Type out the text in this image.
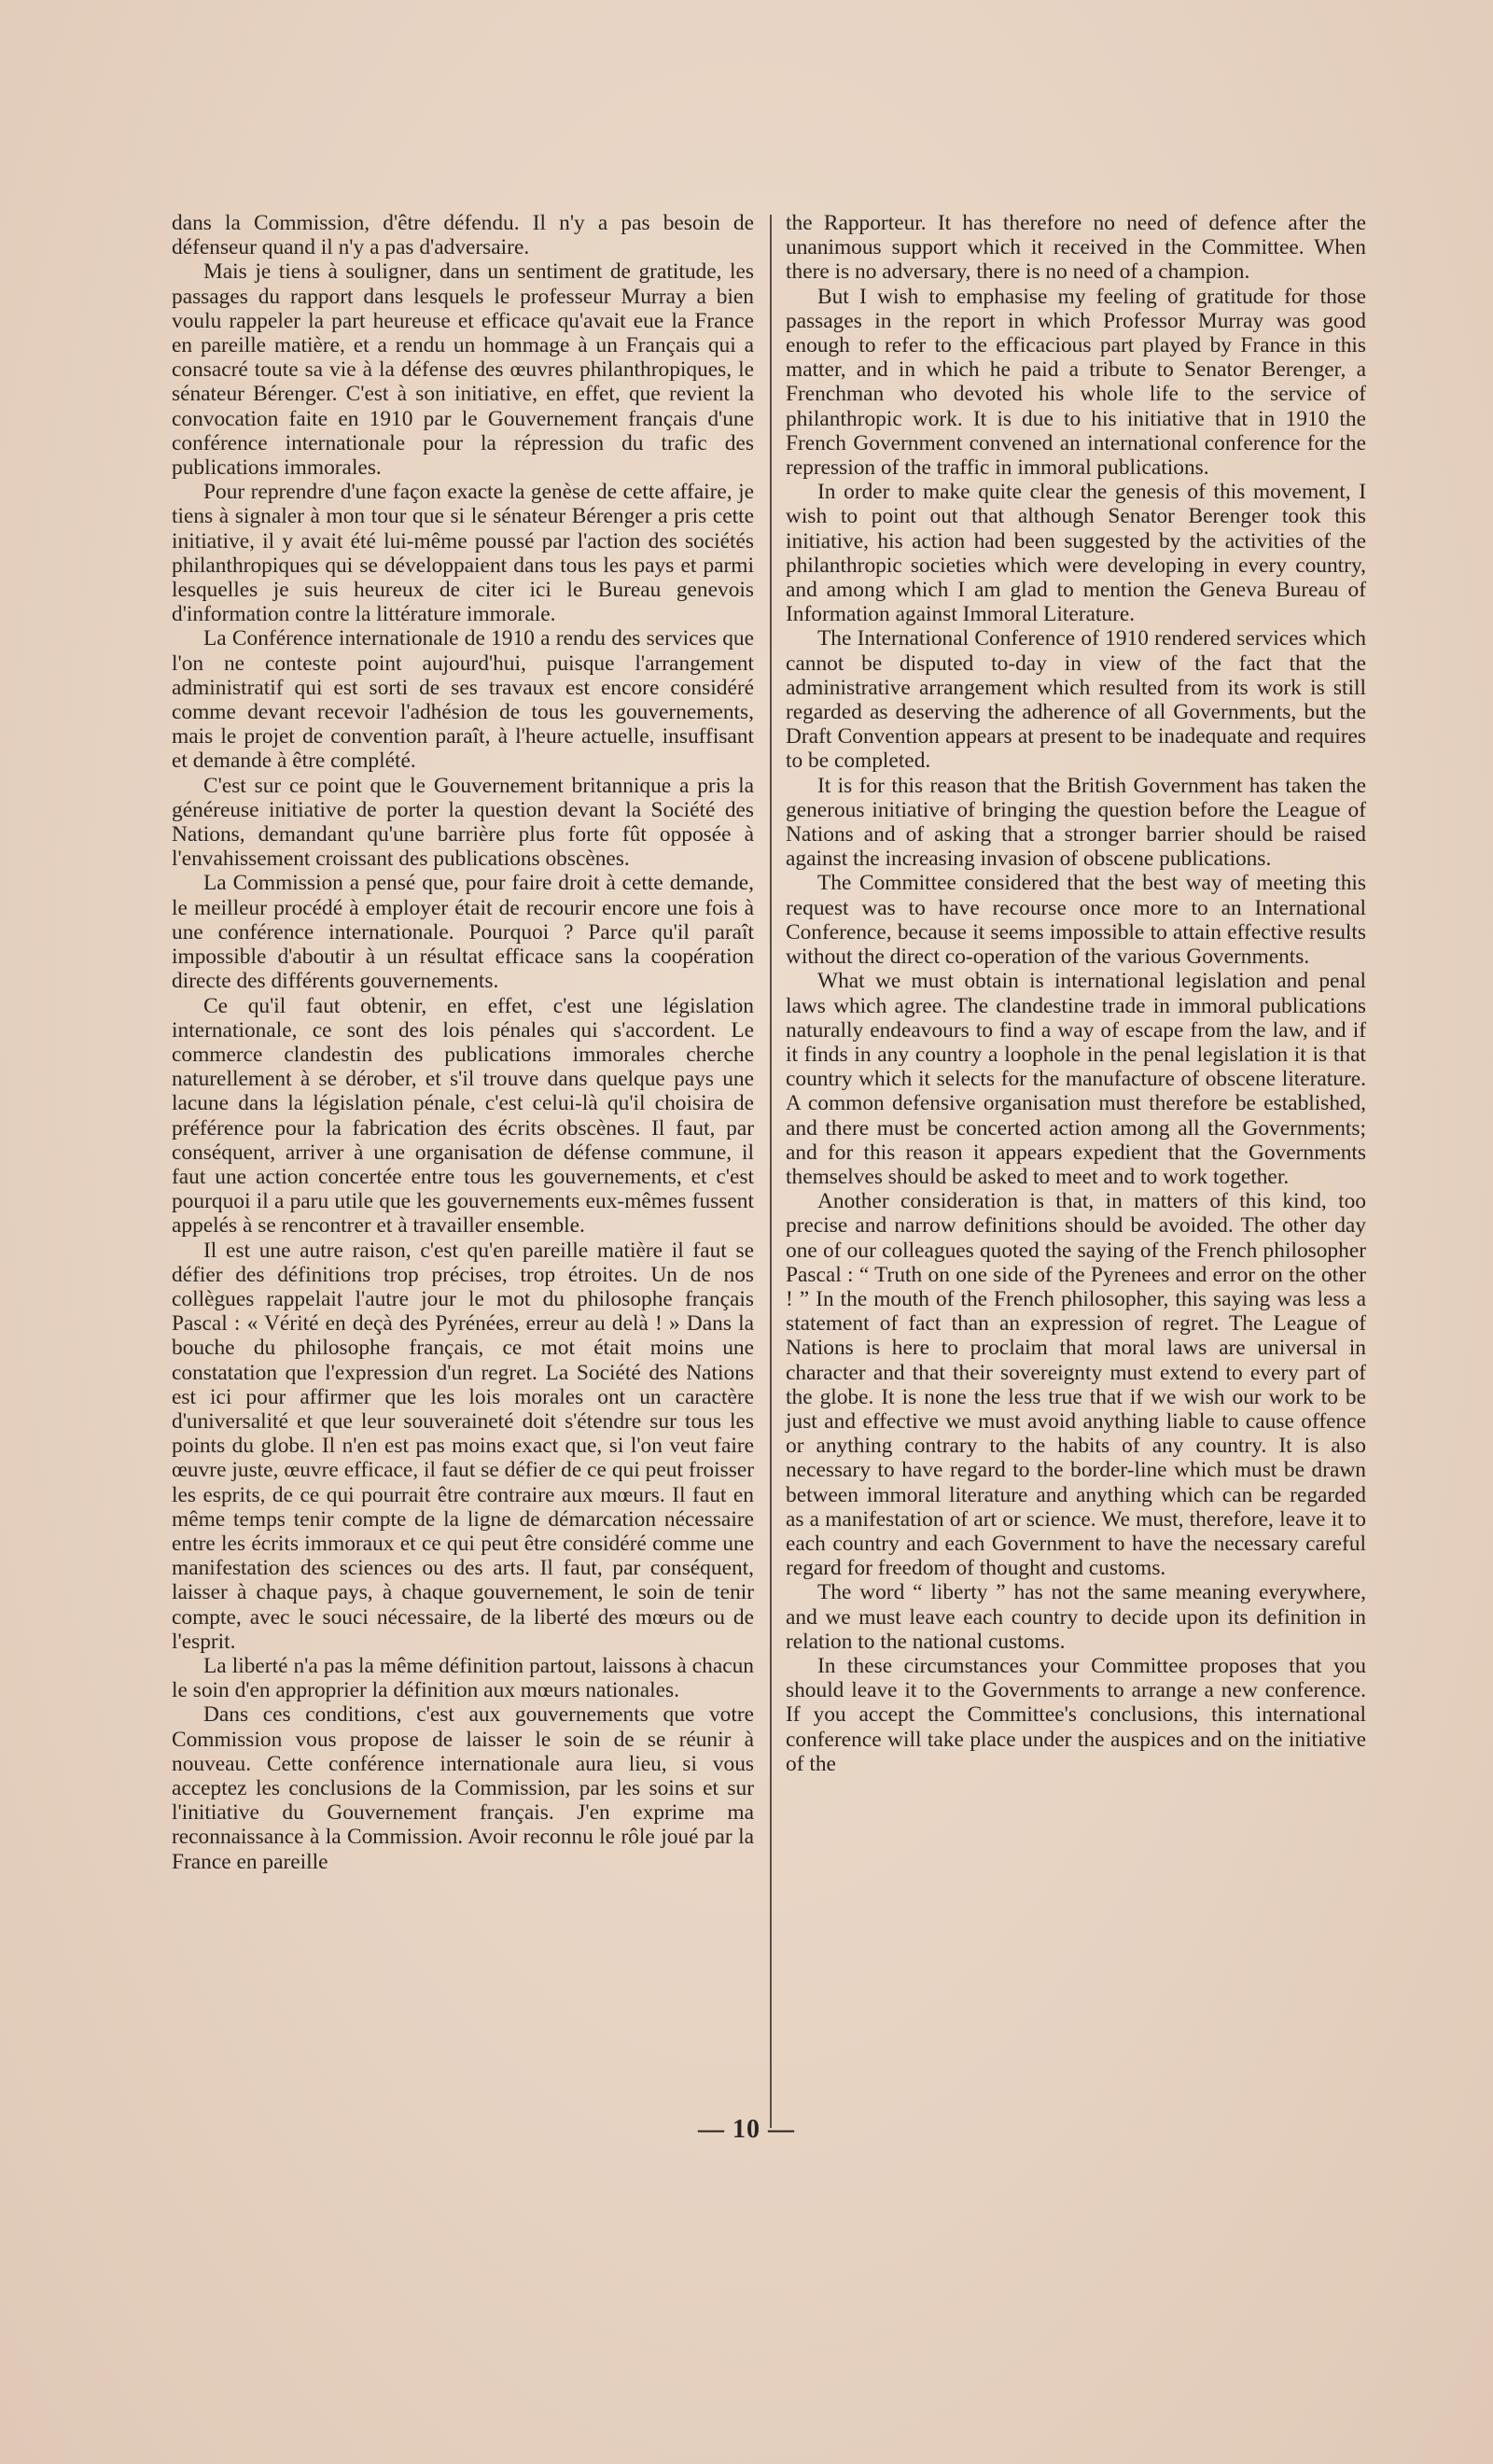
dans la Commission, d'être défendu. Il n'y a pas besoin de défenseur quand il n'y a pas d'adversaire.

Mais je tiens à souligner, dans un sentiment de gratitude, les passages du rapport dans lesquels le professeur Murray a bien voulu rappeler la part heureuse et efficace qu'avait eue la France en pareille matière, et a rendu un hommage à un Français qui a consacré toute sa vie à la défense des œuvres philanthropiques, le sénateur Bérenger. C'est à son initiative, en effet, que revient la convocation faite en 1910 par le Gouvernement français d'une conférence internationale pour la répression du trafic des publications immorales.

Pour reprendre d'une façon exacte la genèse de cette affaire, je tiens à signaler à mon tour que si le sénateur Bérenger a pris cette initiative, il y avait été lui-même poussé par l'action des sociétés philanthropiques qui se développaient dans tous les pays et parmi lesquelles je suis heureux de citer ici le Bureau genevois d'information contre la littérature immorale.

La Conférence internationale de 1910 a rendu des services que l'on ne conteste point aujourd'hui, puisque l'arrangement administratif qui est sorti de ses travaux est encore considéré comme devant recevoir l'adhésion de tous les gouvernements, mais le projet de convention paraît, à l'heure actuelle, insuffisant et demande à être complété.

C'est sur ce point que le Gouvernement britannique a pris la généreuse initiative de porter la question devant la Société des Nations, demandant qu'une barrière plus forte fût opposée à l'envahissement croissant des publications obscènes.

La Commission a pensé que, pour faire droit à cette demande, le meilleur procédé à employer était de recourir encore une fois à une conférence internationale. Pourquoi ? Parce qu'il paraît impossible d'aboutir à un résultat efficace sans la coopération directe des différents gouvernements.

Ce qu'il faut obtenir, en effet, c'est une législation internationale, ce sont des lois pénales qui s'accordent. Le commerce clandestin des publications immorales cherche naturellement à se dérober, et s'il trouve dans quelque pays une lacune dans la législation pénale, c'est celui-là qu'il choisira de préférence pour la fabrication des écrits obscènes. Il faut, par conséquent, arriver à une organisation de défense commune, il faut une action concertée entre tous les gouvernements, et c'est pourquoi il a paru utile que les gouvernements eux-mêmes fussent appelés à se rencontrer et à travailler ensemble.

Il est une autre raison, c'est qu'en pareille matière il faut se défier des définitions trop précises, trop étroites. Un de nos collègues rappelait l'autre jour le mot du philosophe français Pascal : « Vérité en deçà des Pyrénées, erreur au delà ! » Dans la bouche du philosophe français, ce mot était moins une constatation que l'expression d'un regret. La Société des Nations est ici pour affirmer que les lois morales ont un caractère d'universalité et que leur souveraineté doit s'étendre sur tous les points du globe. Il n'en est pas moins exact que, si l'on veut faire œuvre juste, œuvre efficace, il faut se défier de ce qui peut froisser les esprits, de ce qui pourrait être contraire aux mœurs. Il faut en même temps tenir compte de la ligne de démarcation nécessaire entre les écrits immoraux et ce qui peut être considéré comme une manifestation des sciences ou des arts. Il faut, par conséquent, laisser à chaque pays, à chaque gouvernement, le soin de tenir compte, avec le souci nécessaire, de la liberté des mœurs ou de l'esprit.

La liberté n'a pas la même définition partout, laissons à chacun le soin d'en approprier la définition aux mœurs nationales.

Dans ces conditions, c'est aux gouvernements que votre Commission vous propose de laisser le soin de se réunir à nouveau. Cette conférence internationale aura lieu, si vous acceptez les conclusions de la Commission, par les soins et sur l'initiative du Gouvernement français. J'en exprime ma reconnaissance à la Commission. Avoir reconnu le rôle joué par la France en pareille

the Rapporteur. It has therefore no need of defence after the unanimous support which it received in the Committee. When there is no adversary, there is no need of a champion.

But I wish to emphasise my feeling of gratitude for those passages in the report in which Professor Murray was good enough to refer to the efficacious part played by France in this matter, and in which he paid a tribute to Senator Berenger, a Frenchman who devoted his whole life to the service of philanthropic work. It is due to his initiative that in 1910 the French Government convened an international conference for the repression of the traffic in immoral publications.

In order to make quite clear the genesis of this movement, I wish to point out that although Senator Berenger took this initiative, his action had been suggested by the activities of the philanthropic societies which were developing in every country, and among which I am glad to mention the Geneva Bureau of Information against Immoral Literature.

The International Conference of 1910 rendered services which cannot be disputed to-day in view of the fact that the administrative arrangement which resulted from its work is still regarded as deserving the adherence of all Governments, but the Draft Convention appears at present to be inadequate and requires to be completed.

It is for this reason that the British Government has taken the generous initiative of bringing the question before the League of Nations and of asking that a stronger barrier should be raised against the increasing invasion of obscene publications.

The Committee considered that the best way of meeting this request was to have recourse once more to an International Conference, because it seems impossible to attain effective results without the direct co-operation of the various Governments.

What we must obtain is international legislation and penal laws which agree. The clandestine trade in immoral publications naturally endeavours to find a way of escape from the law, and if it finds in any country a loophole in the penal legislation it is that country which it selects for the manufacture of obscene literature. A common defensive organisation must therefore be established, and there must be concerted action among all the Governments; and for this reason it appears expedient that the Governments themselves should be asked to meet and to work together.

Another consideration is that, in matters of this kind, too precise and narrow definitions should be avoided. The other day one of our colleagues quoted the saying of the French philosopher Pascal : “ Truth on one side of the Pyrenees and error on the other ! ” In the mouth of the French philosopher, this saying was less a statement of fact than an expression of regret. The League of Nations is here to proclaim that moral laws are universal in character and that their sovereignty must extend to every part of the globe. It is none the less true that if we wish our work to be just and effective we must avoid anything liable to cause offence or anything contrary to the habits of any country. It is also necessary to have regard to the border-line which must be drawn between immoral literature and anything which can be regarded as a manifestation of art or science. We must, therefore, leave it to each country and each Government to have the necessary careful regard for freedom of thought and customs.

The word “ liberty ” has not the same meaning everywhere, and we must leave each country to decide upon its definition in relation to the national customs.

In these circumstances your Committee proposes that you should leave it to the Governments to arrange a new conference. If you accept the Committee's conclusions, this international conference will take place under the auspices and on the initiative of the

— 10 —
